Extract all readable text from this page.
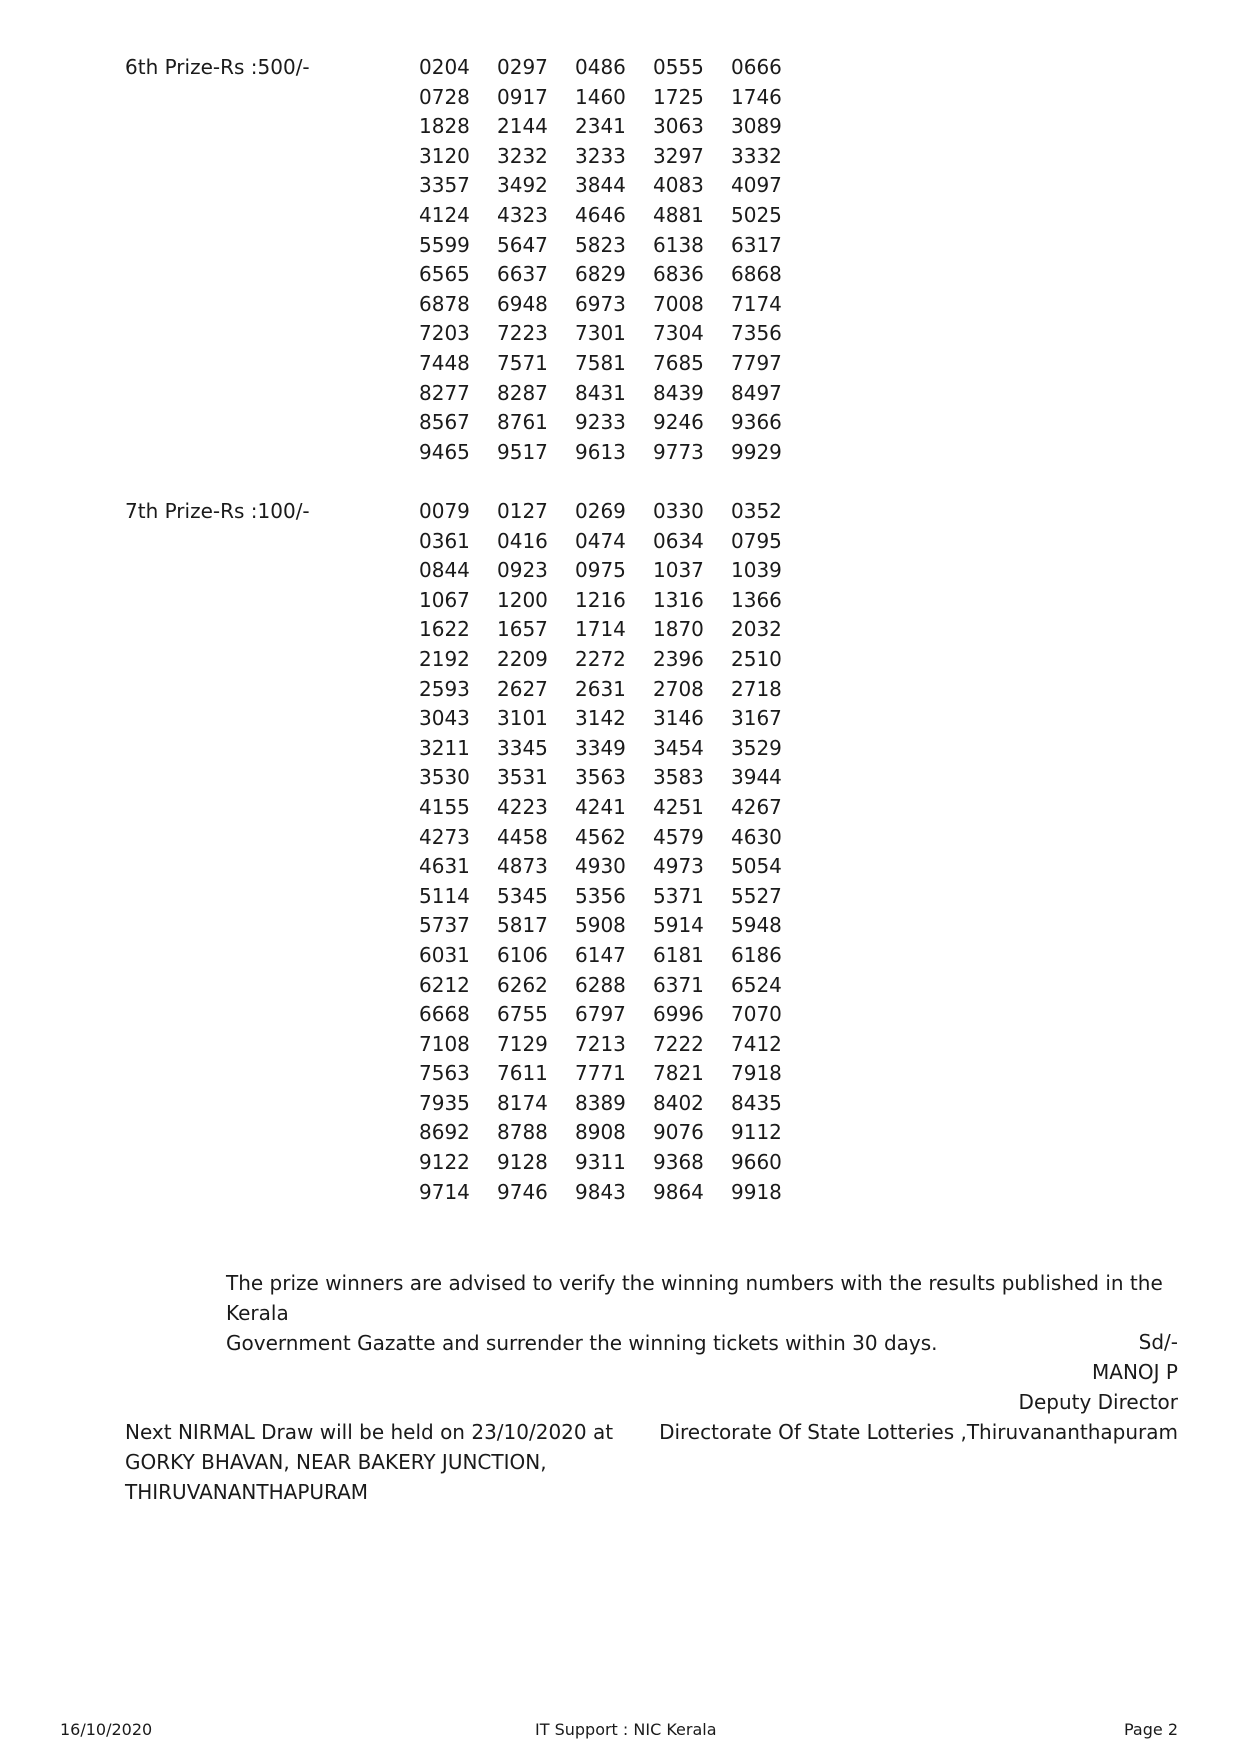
6th Prize-Rs :500/-	0204 0297 0486 0555 0666
0728 0917 1460 1725 1746
1828 2144 2341 3063 3089
3120 3232 3233 3297 3332
3357 3492 3844 4083 4097
4124 4323 4646 4881 5025
5599 5647 5823 6138 6317
6565 6637 6829 6836 6868
6878 6948 6973 7008 7174
7203 7223 7301 7304 7356
7448 7571 7581 7685 7797
8277 8287 8431 8439 8497
8567 8761 9233 9246 9366
9465 9517 9613 9773 9929
7th Prize-Rs :100/-	0079 0127 0269 0330 0352
0361 0416 0474 0634 0795
0844 0923 0975 1037 1039
1067 1200 1216 1316 1366
1622 1657 1714 1870 2032
2192 2209 2272 2396 2510
2593 2627 2631 2708 2718
3043 3101 3142 3146 3167
3211 3345 3349 3454 3529
3530 3531 3563 3583 3944
4155 4223 4241 4251 4267
4273 4458 4562 4579 4630
4631 4873 4930 4973 5054
5114 5345 5356 5371 5527
5737 5817 5908 5914 5948
6031 6106 6147 6181 6186
6212 6262 6288 6371 6524
6668 6755 6797 6996 7070
7108 7129 7213 7222 7412
7563 7611 7771 7821 7918
7935 8174 8389 8402 8435
8692 8788 8908 9076 9112
9122 9128 9311 9368 9660
9714 9746 9843 9864 9918
The prize winners are advised to verify the winning numbers with the results published in the Kerala
Government Gazatte and surrender the winning tickets within 30 days.	Sd/-
MANOJ P
Deputy Director
Directorate Of State Lotteries ,Thiruvananthapuram
Next NIRMAL Draw will be held on 23/10/2020 at
GORKY BHAVAN, NEAR BAKERY JUNCTION,
THIRUVANANTHAPURAM
16/10/2020	IT Support : NIC Kerala	Page 2
